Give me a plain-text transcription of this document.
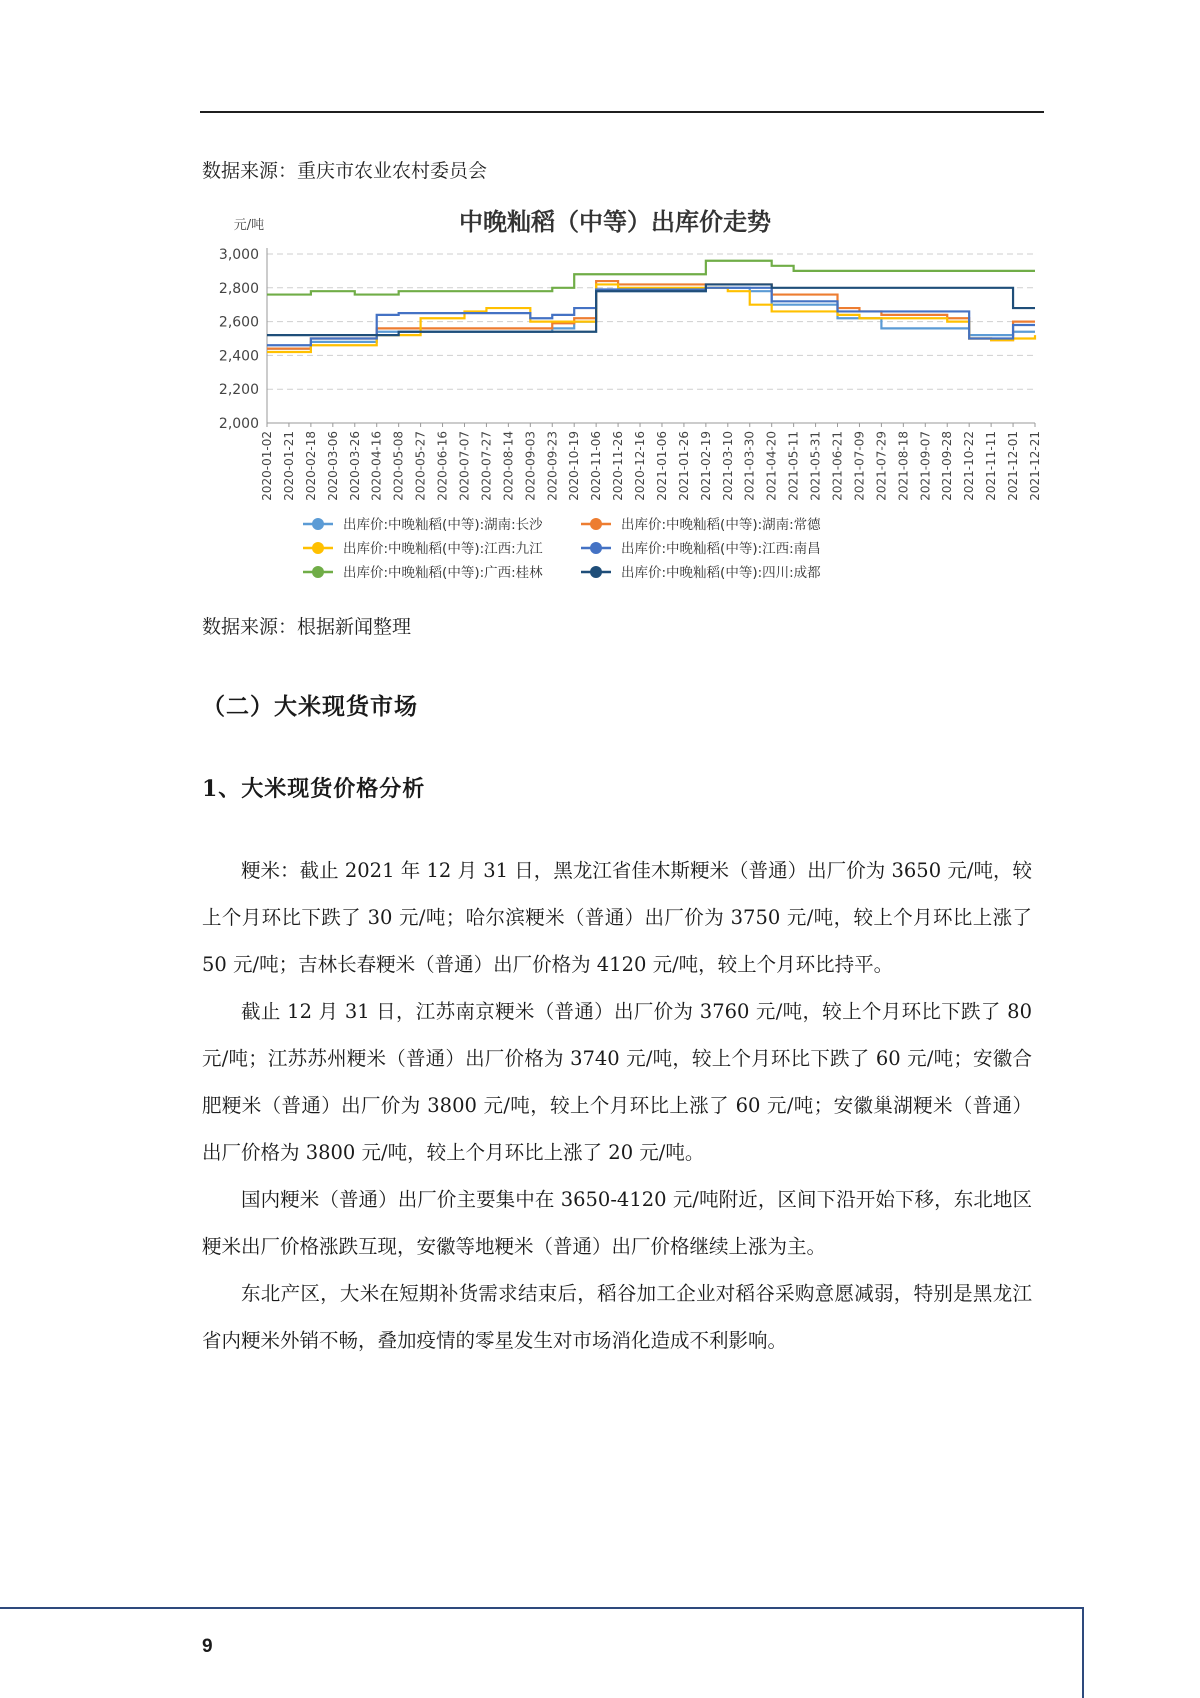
数据来源：重庆市农业农村委员会
中晚籼稻（中等）出库价走势
元/吨
2,000
2,200
2,400
2,600
2,800
3,000
2020-01-02 2020-01-21 2020-02-18 2020-03-06 2020-03-26 2020-04-16 2020-05-08 2020-05-27 2020-06-16 2020-07-07 2020-07-27 2020-08-14 2020-09-03 2020-09-23 2020-10-19 2020-11-06 2020-11-26 2020-12-16 2021-01-06 2021-01-26 2021-02-19 2021-03-10 2021-03-30 2021-04-20 2021-05-11 2021-05-31 2021-06-21 2021-07-09 2021-07-29 2021-08-18 2021-09-07 2021-09-28 2021-10-22 2021-11-11 2021-12-01 2021-12-21
出库价:中晚籼稻(中等):湖南:长沙	出库价:中晚籼稻(中等):湖南:常德
出库价:中晚籼稻(中等):江西:九江	出库价:中晚籼稻(中等):江西:南昌
出库价:中晚籼稻(中等):广西:桂林	出库价:中晚籼稻(中等):四川:成都
数据来源：根据新闻整理
（二）大米现货市场
1、大米现货价格分析

粳米：截止 2021 年 12 月 31 日，黑龙江省佳木斯粳米（普通）出厂价为 3650 元/吨，较上个月环比下跌了 30 元/吨；哈尔滨粳米（普通）出厂价为 3750 元/吨，较上个月环比上涨了 50 元/吨；吉林长春粳米（普通）出厂价格为 4120 元/吨，较上个月环比持平。

截止 12 月 31 日，江苏南京粳米（普通）出厂价为 3760 元/吨，较上个月环比下跌了 80 元/吨；江苏苏州粳米（普通）出厂价格为 3740 元/吨，较上个月环比下跌了 60 元/吨；安徽合肥粳米（普通）出厂价为 3800 元/吨，较上个月环比上涨了 60 元/吨；安徽巢湖粳米（普通）出厂价格为 3800 元/吨，较上个月环比上涨了 20 元/吨。

国内粳米（普通）出厂价主要集中在 3650-4120 元/吨附近，区间下沿开始下移，东北地区粳米出厂价格涨跌互现，安徽等地粳米（普通）出厂价格继续上涨为主。

东北产区，大米在短期补货需求结束后，稻谷加工企业对稻谷采购意愿减弱，特别是黑龙江省内粳米外销不畅，叠加疫情的零星发生对市场消化造成不利影响。

9
